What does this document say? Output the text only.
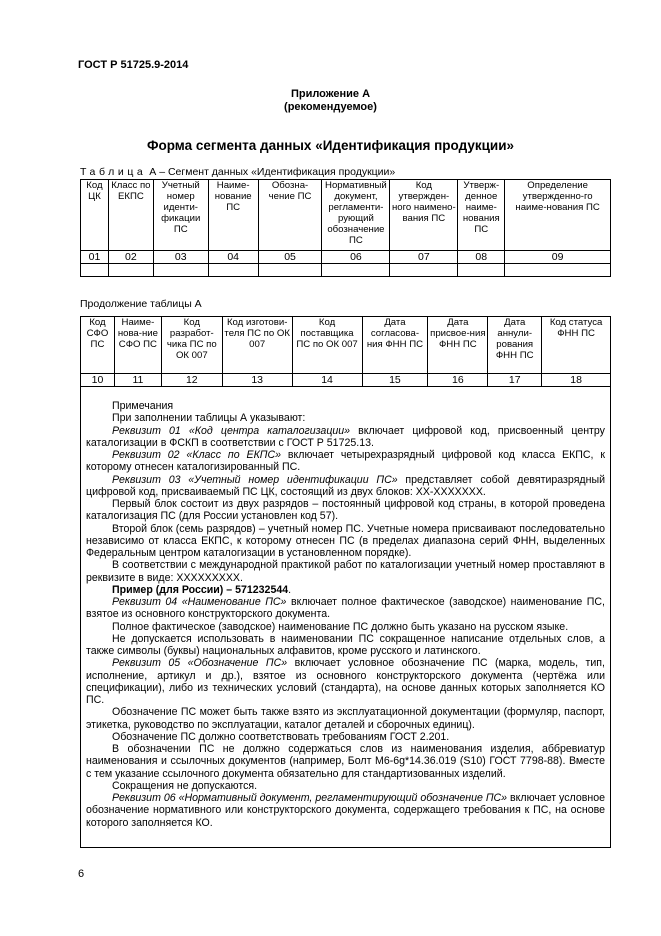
ГОСТ Р 51725.9-2014
Приложение А
(рекомендуемое)
Форма сегмента данных «Идентификация продукции»
Таблица А – Сегмент данных «Идентификация продукции»
Код ЦК	Класс по ЕКПС	Учетный номер иденти-фикации ПС	Наиме-нование ПС	Обозна-чение ПС	Нормативный документ, регламенти-рующий обозначение ПС	Код утвержден-ного наимено-вания ПС	Утверж-денное наиме-нования ПС	Определение утвержденно-го наиме-нования ПС
01	02	03	04	05	06	07	08	09

Продолжение таблицы А
Код СФО ПС	Наиме-нова-ние СФО ПС	Код разработ-чика ПС по ОК 007	Код изготови-теля ПС по ОК 007	Код поставщика ПС по ОК 007	Дата согласова-ния ФНН ПС	Дата присвое-ния ФНН ПС	Дата аннули-рования ФНН ПС	Код статуса ФНН ПС
10	11	12	13	14	15	16	17	18

Примечания

При заполнении таблицы А указывают:

Реквизит 01 «Код центра каталогизации» включает цифровой код, присвоенный центру каталогизации в ФСКП в соответствии с ГОСТ Р 51725.13.

Реквизит 02 «Класс по ЕКПС» включает четырехразрядный цифровой код класса ЕКПС, к которому отнесен каталогизированный ПС.

Реквизит 03 «Учетный номер идентификации ПС» представляет собой девятиразрядный цифровой код, присваиваемый ПС ЦК, состоящий из двух блоков: XX-XXXXXXX.

Первый блок состоит из двух разрядов – постоянный цифровой код страны, в которой проведена каталогизация ПС (для России установлен код 57).

Второй блок (семь разрядов) – учетный номер ПС. Учетные номера присваивают последовательно независимо от класса ЕКПС, к которому отнесен ПС (в пределах диапазона серий ФНН, выделенных Федеральным центром каталогизации в установленном порядке).

В соответствии с международной практикой работ по каталогизации учетный номер проставляют в реквизите в виде: XXXXXXXXX.

Пример (для России) – 571232544.

Реквизит 04 «Наименование ПС» включает полное фактическое (заводское) наименование ПС, взятое из основного конструкторского документа.

Полное фактическое (заводское) наименование ПС должно быть указано на русском языке.

Не допускается использовать в наименовании ПС сокращенное написание отдельных слов, а также символы (буквы) национальных алфавитов, кроме русского и латинского.

Реквизит 05 «Обозначение ПС» включает условное обозначение ПС (марка, модель, тип, исполнение, артикул и др.), взятое из основного конструкторского документа (чертёжа или спецификации), либо из технических условий (стандарта), на основе данных которых заполняется КО ПС.

Обозначение ПС может быть также взято из эксплуатационной документации (формуляр, паспорт, этикетка, руководство по эксплуатации, каталог деталей и сборочных единиц).

Обозначение ПС должно соответствовать требованиям ГОСТ 2.201.

В обозначении ПС не должно содержаться слов из наименования изделия, аббревиатур наименования и ссылочных документов (например, Болт М6-6g*14.36.019 (S10) ГОСТ 7798-88). Вместе с тем указание ссылочного документа обязательно для стандартизованных изделий.

Сокращения не допускаются.

Реквизит 06 «Нормативный документ, регламентирующий обозначение ПС» включает условное обозначение нормативного или конструкторского документа, содержащего требования к ПС, на основе которого заполняется КО.

6
